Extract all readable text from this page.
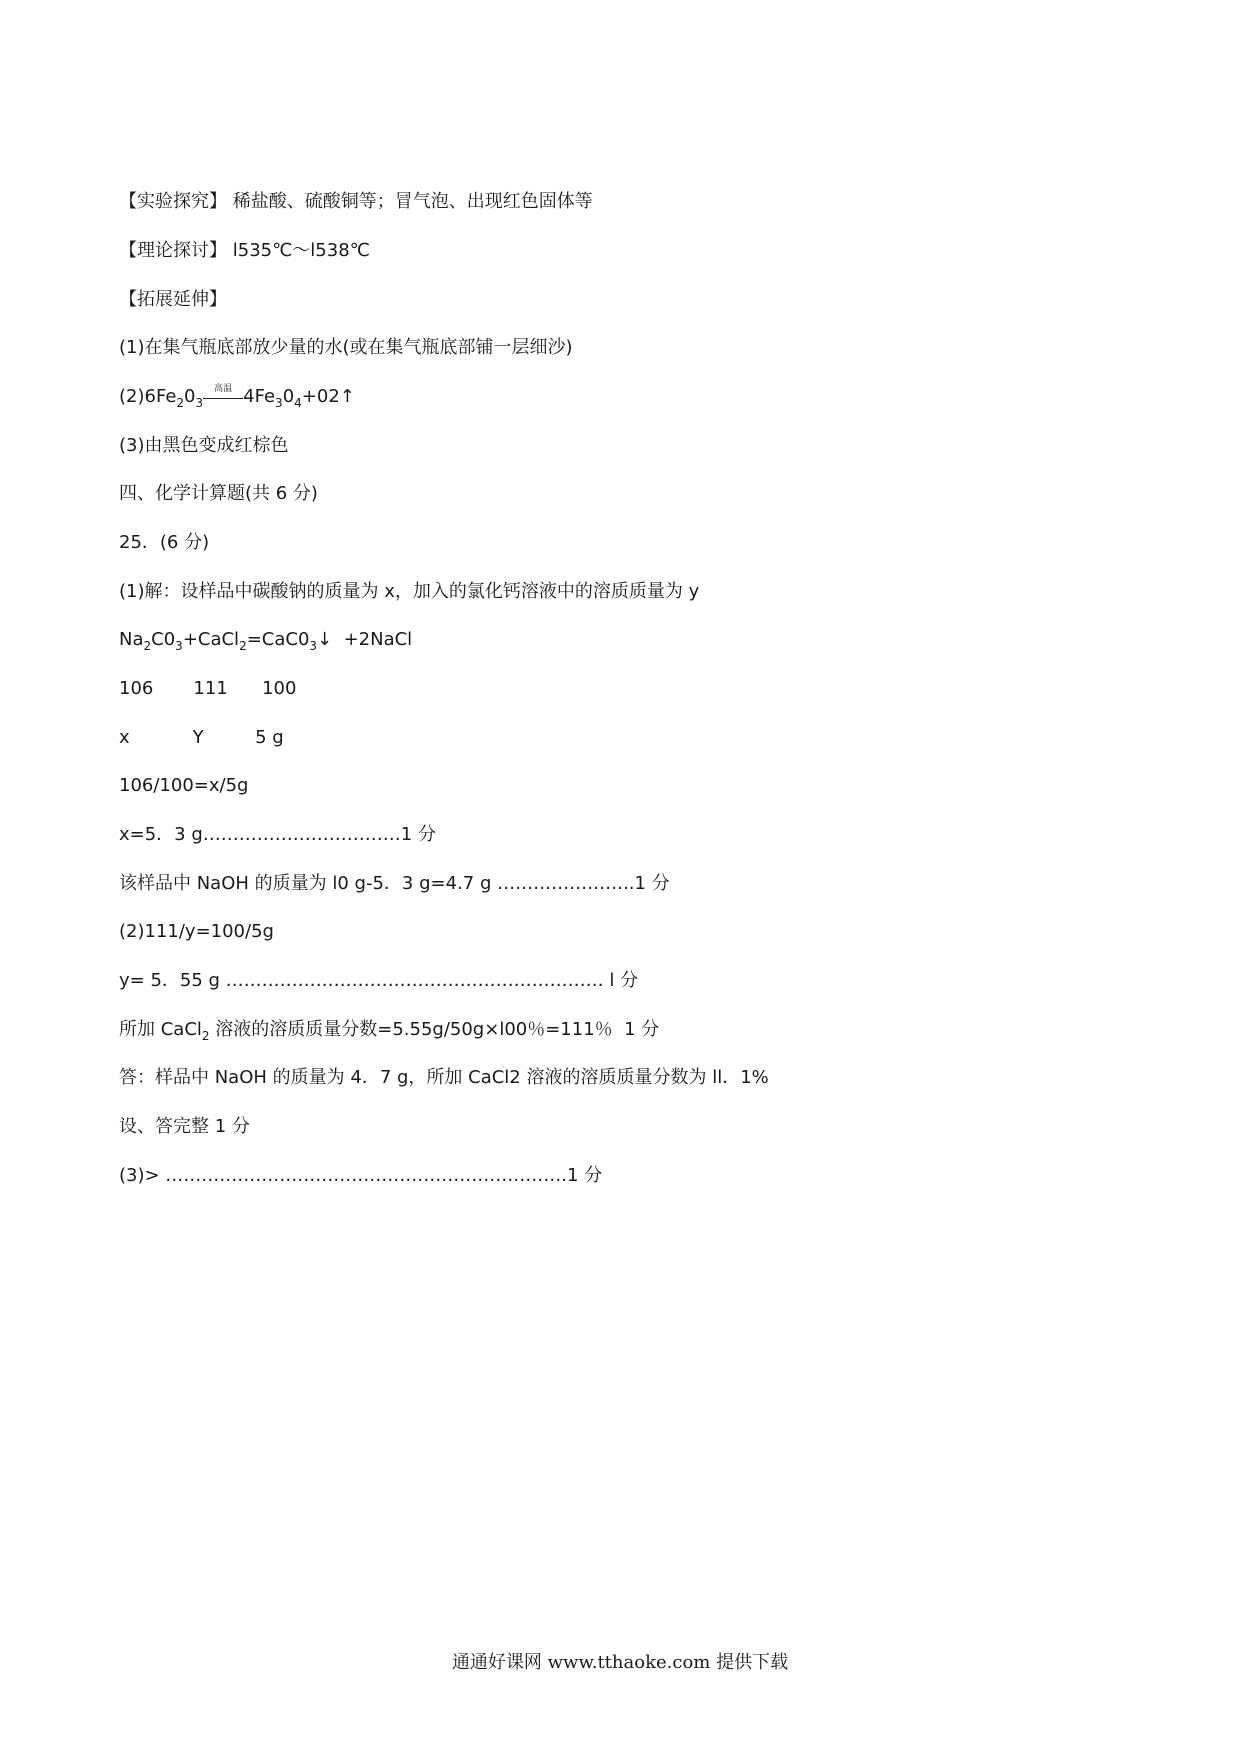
【实验探究】 稀盐酸、硫酸铜等；冒气泡、出现红色固体等
【理论探讨】 l535℃～l538℃
【拓展延伸】
(1)在集气瓶底部放少量的水(或在集气瓶底部铺一层细沙)
$(2)6Fe_20_3$
高温 $4Fe_30_4+02↑$
(3)由黑色变成红棕色
四、化学计算题(共 6 分)
25．(6 分)
(1)解：设样品中碳酸钠的质量为 x，加入的氯化钙溶液中的溶质质量为 y
$Na_2C0_3+CaCl_2=CaC0_3↓$  +2NaCl
106       111      100
x           Y         5 g
106/100=x/5g
x=5．3 g……………………………1 分
该样品中 NaOH 的质量为 l0 g-5．3 g=4.7 g …………………..1 分
(2)111/y=100/5g
y= 5．55 g ……………………………………………………… l 分
所加 CaCl$_2$ 溶液的溶质质量分数=5.55g/50g×l00％=111％  1 分
答：样品中 NaOH 的质量为 4．7 g，所加 CaCl2 溶液的溶质质量分数为 ll．1%
设、答完整 1 分
(3)> ………………………………………………………….1 分
通通好课网 www.tthaoke.com 提供下载
